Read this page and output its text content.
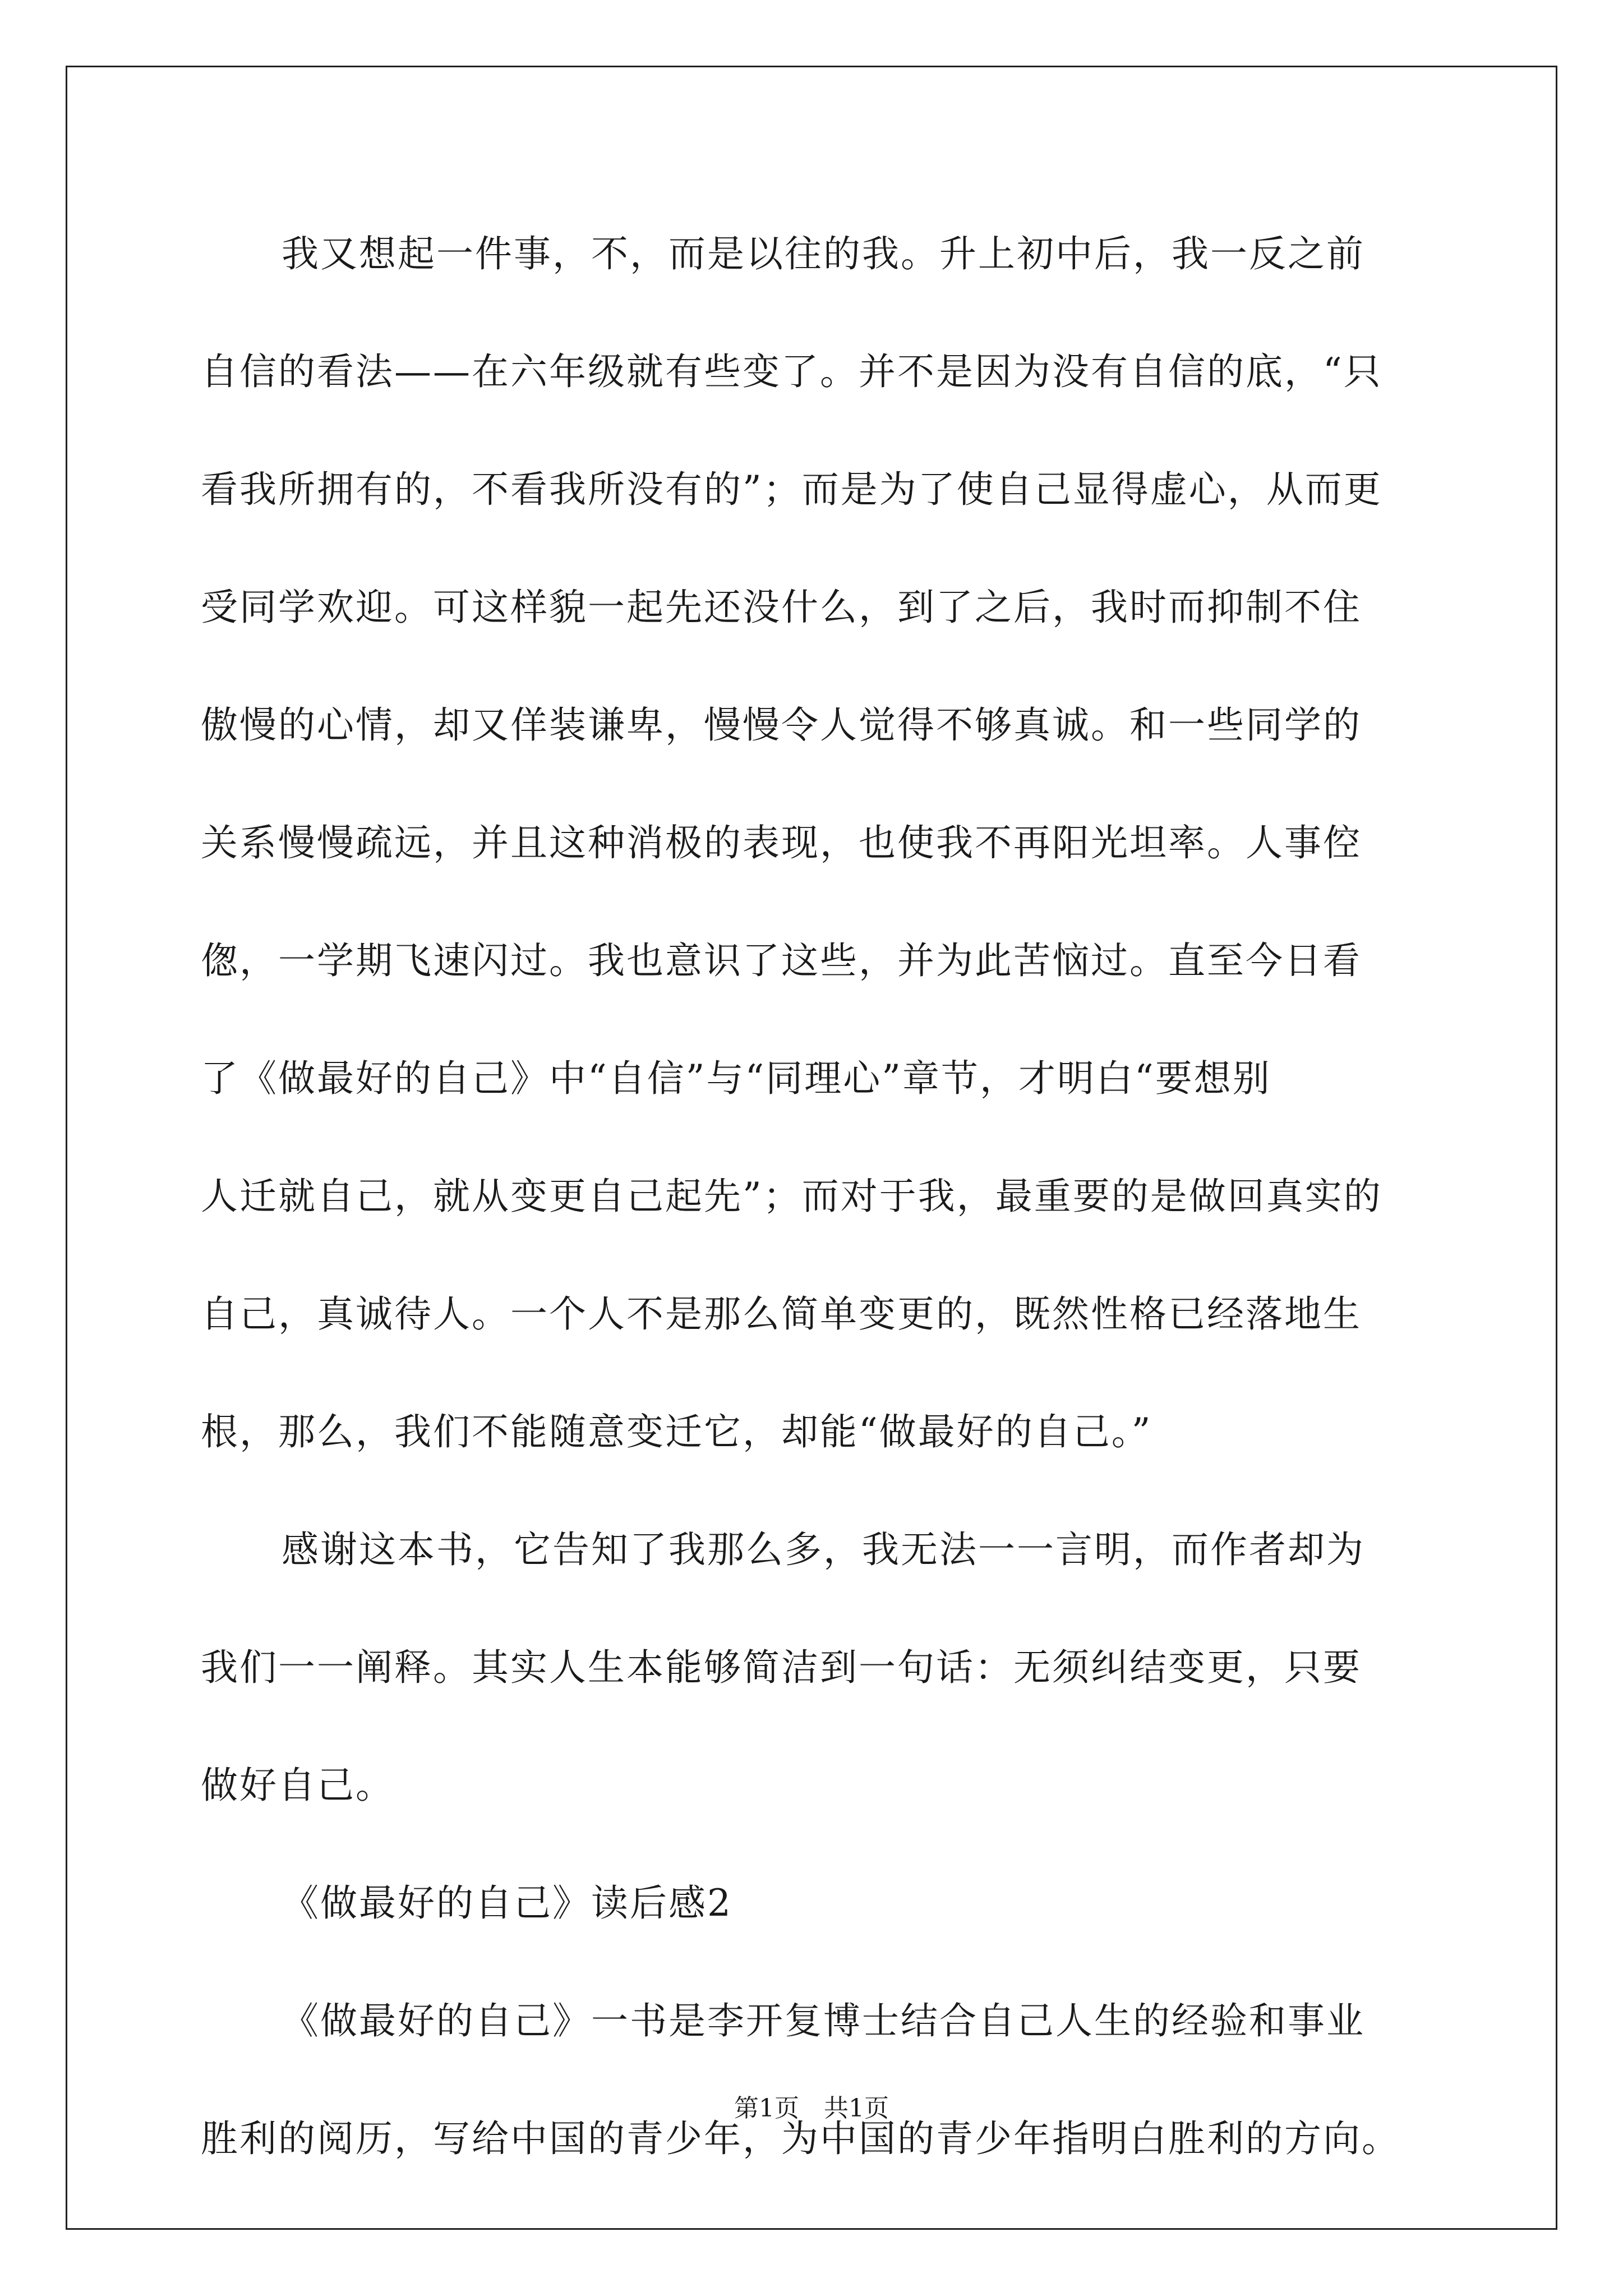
我又想起一件事，不，而是以往的我。升上初中后，我一反之前
自信的看法——在六年级就有些变了。并不是因为没有自信的底，“只
看我所拥有的，不看我所没有的”；而是为了使自己显得虚心，从而更
受同学欢迎。可这样貌一起先还没什么，到了之后，我时而抑制不住
傲慢的心情，却又佯装谦卑，慢慢令人觉得不够真诚。和一些同学的
关系慢慢疏远，并且这种消极的表现，也使我不再阳光坦率。人事倥
偬，一学期飞速闪过。我也意识了这些，并为此苦恼过。直至今日看
了《做最好的自己》中“自信”与“同理心”章节，才明白“要想别
人迁就自己，就从变更自己起先”；而对于我，最重要的是做回真实的
自己，真诚待人。一个人不是那么简单变更的，既然性格已经落地生
根，那么，我们不能随意变迁它，却能“做最好的自己。”
感谢这本书，它告知了我那么多，我无法一一言明，而作者却为
我们一一阐释。其实人生本能够简洁到一句话：无须纠结变更，只要
做好自己。
《做最好的自己》读后感2
《做最好的自己》一书是李开复博士结合自己人生的经验和事业
胜利的阅历，写给中国的青少年，为中国的青少年指明白胜利的方向。
第1页　共1页
